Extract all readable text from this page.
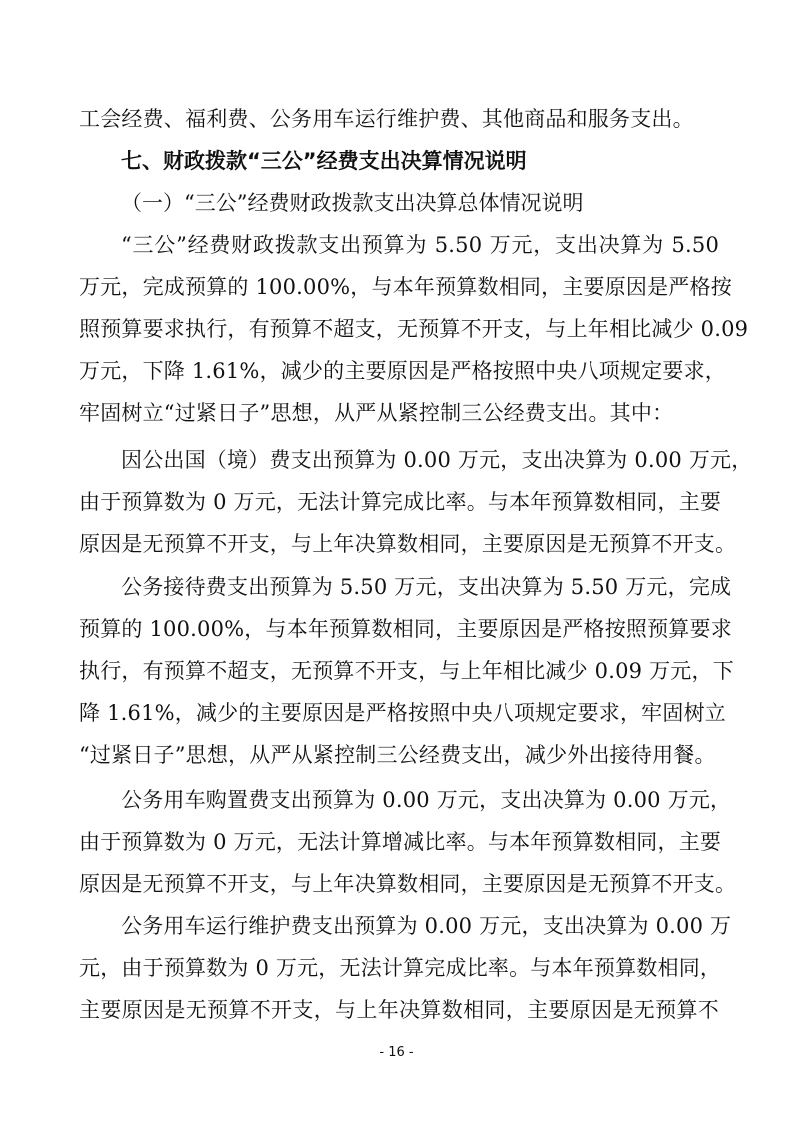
工会经费、福利费、公务用车运行维护费、其他商品和服务支出。
七、财政拨款“三公”经费支出决算情况说明
（一）“三公”经费财政拨款支出决算总体情况说明
“三公”经费财政拨款支出预算为 5.50 万元，支出决算为 5.50
万元，完成预算的 100.00%，与本年预算数相同，主要原因是严格按
照预算要求执行，有预算不超支，无预算不开支，与上年相比减少 0.09
万元，下降 1.61%，减少的主要原因是严格按照中央八项规定要求，
牢固树立“过紧日子”思想，从严从紧控制三公经费支出。其中：
因公出国（境）费支出预算为 0.00 万元，支出决算为 0.00 万元，
由于预算数为 0 万元，无法计算完成比率。与本年预算数相同，主要
原因是无预算不开支，与上年决算数相同，主要原因是无预算不开支。
公务接待费支出预算为 5.50 万元，支出决算为 5.50 万元，完成
预算的 100.00%，与本年预算数相同，主要原因是严格按照预算要求
执行，有预算不超支，无预算不开支，与上年相比减少 0.09 万元，下
降 1.61%，减少的主要原因是严格按照中央八项规定要求，牢固树立
“过紧日子”思想，从严从紧控制三公经费支出，减少外出接待用餐。
公务用车购置费支出预算为 0.00 万元，支出决算为 0.00 万元，
由于预算数为 0 万元，无法计算增减比率。与本年预算数相同，主要
原因是无预算不开支，与上年决算数相同，主要原因是无预算不开支。
公务用车运行维护费支出预算为 0.00 万元，支出决算为 0.00 万
元，由于预算数为 0 万元，无法计算完成比率。与本年预算数相同，
主要原因是无预算不开支，与上年决算数相同，主要原因是无预算不
- 16 -
